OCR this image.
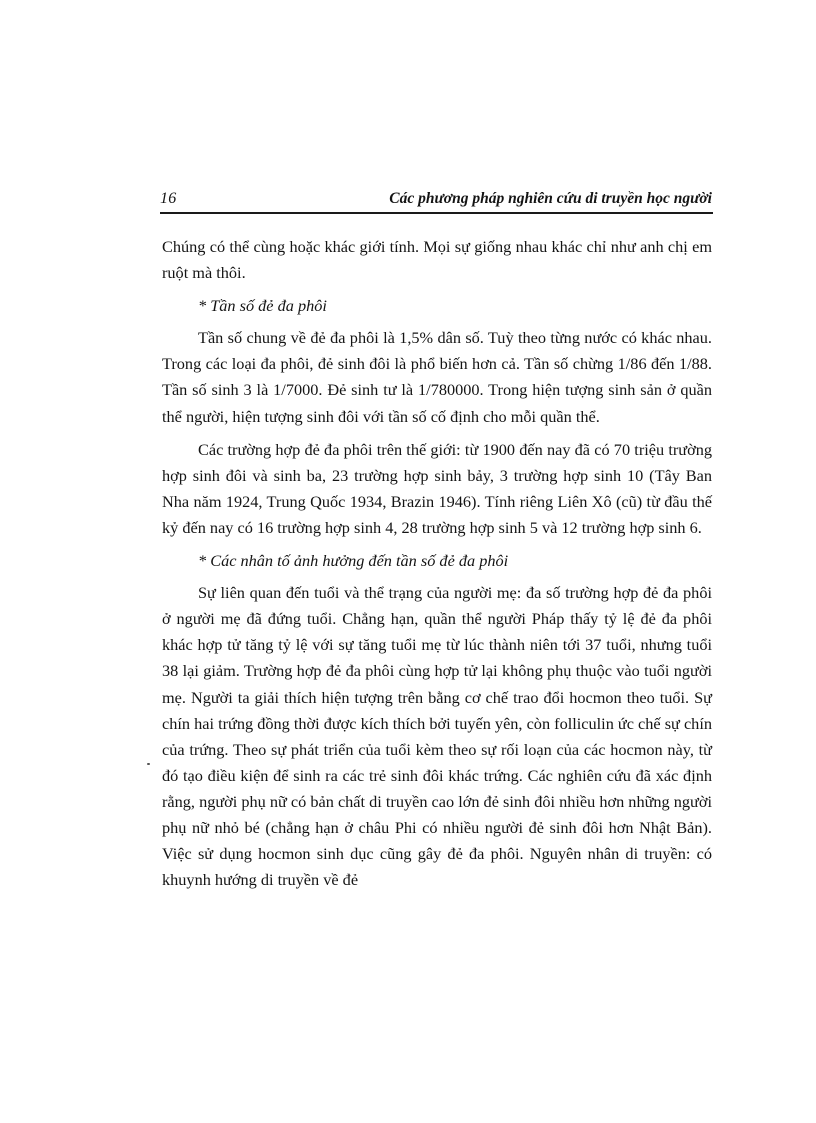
16	Các phương pháp nghiên cứu di truyền học người

Chúng có thể cùng hoặc khác giới tính. Mọi sự giống nhau khác chỉ như anh chị em ruột mà thôi.

* Tần số đẻ đa phôi

Tần số chung về đẻ đa phôi là 1,5% dân số. Tuỳ theo từng nước có khác nhau. Trong các loại đa phôi, đẻ sinh đôi là phổ biến hơn cả. Tần số chừng 1/86 đến 1/88. Tần số sinh 3 là 1/7000. Đẻ sinh tư là 1/780000. Trong hiện tượng sinh sản ở quần thể người, hiện tượng sinh đôi với tần số cố định cho mỗi quần thể.

Các trường hợp đẻ đa phôi trên thế giới: từ 1900 đến nay đã có 70 triệu trường hợp sinh đôi và sinh ba, 23 trường hợp sinh bảy, 3 trường hợp sinh 10 (Tây Ban Nha năm 1924, Trung Quốc 1934, Brazin 1946). Tính riêng Liên Xô (cũ) từ đầu thế kỷ đến nay có 16 trường hợp sinh 4, 28 trường hợp sinh 5 và 12 trường hợp sinh 6.

* Các nhân tố ảnh hưởng đến tần số đẻ đa phôi

Sự liên quan đến tuổi và thể trạng của người mẹ: đa số trường hợp đẻ đa phôi ở người mẹ đã đứng tuổi. Chẳng hạn, quần thể người Pháp thấy tỷ lệ đẻ đa phôi khác hợp tử tăng tỷ lệ với sự tăng tuổi mẹ từ lúc thành niên tới 37 tuổi, nhưng tuổi 38 lại giảm. Trường hợp đẻ đa phôi cùng hợp tử lại không phụ thuộc vào tuổi người mẹ. Người ta giải thích hiện tượng trên bằng cơ chế trao đổi hocmon theo tuổi. Sự chín hai trứng đồng thời được kích thích bởi tuyến yên, còn folliculin ức chế sự chín của trứng. Theo sự phát triển của tuổi kèm theo sự rối loạn của các hocmon này, từ đó tạo điều kiện để sinh ra các trẻ sinh đôi khác trứng. Các nghiên cứu đã xác định rằng, người phụ nữ có bản chất di truyền cao lớn đẻ sinh đôi nhiều hơn những người phụ nữ nhỏ bé (chẳng hạn ở châu Phi có nhiều người đẻ sinh đôi hơn Nhật Bản). Việc sử dụng hocmon sinh dục cũng gây đẻ đa phôi. Nguyên nhân di truyền: có khuynh hướng di truyền về đẻ
